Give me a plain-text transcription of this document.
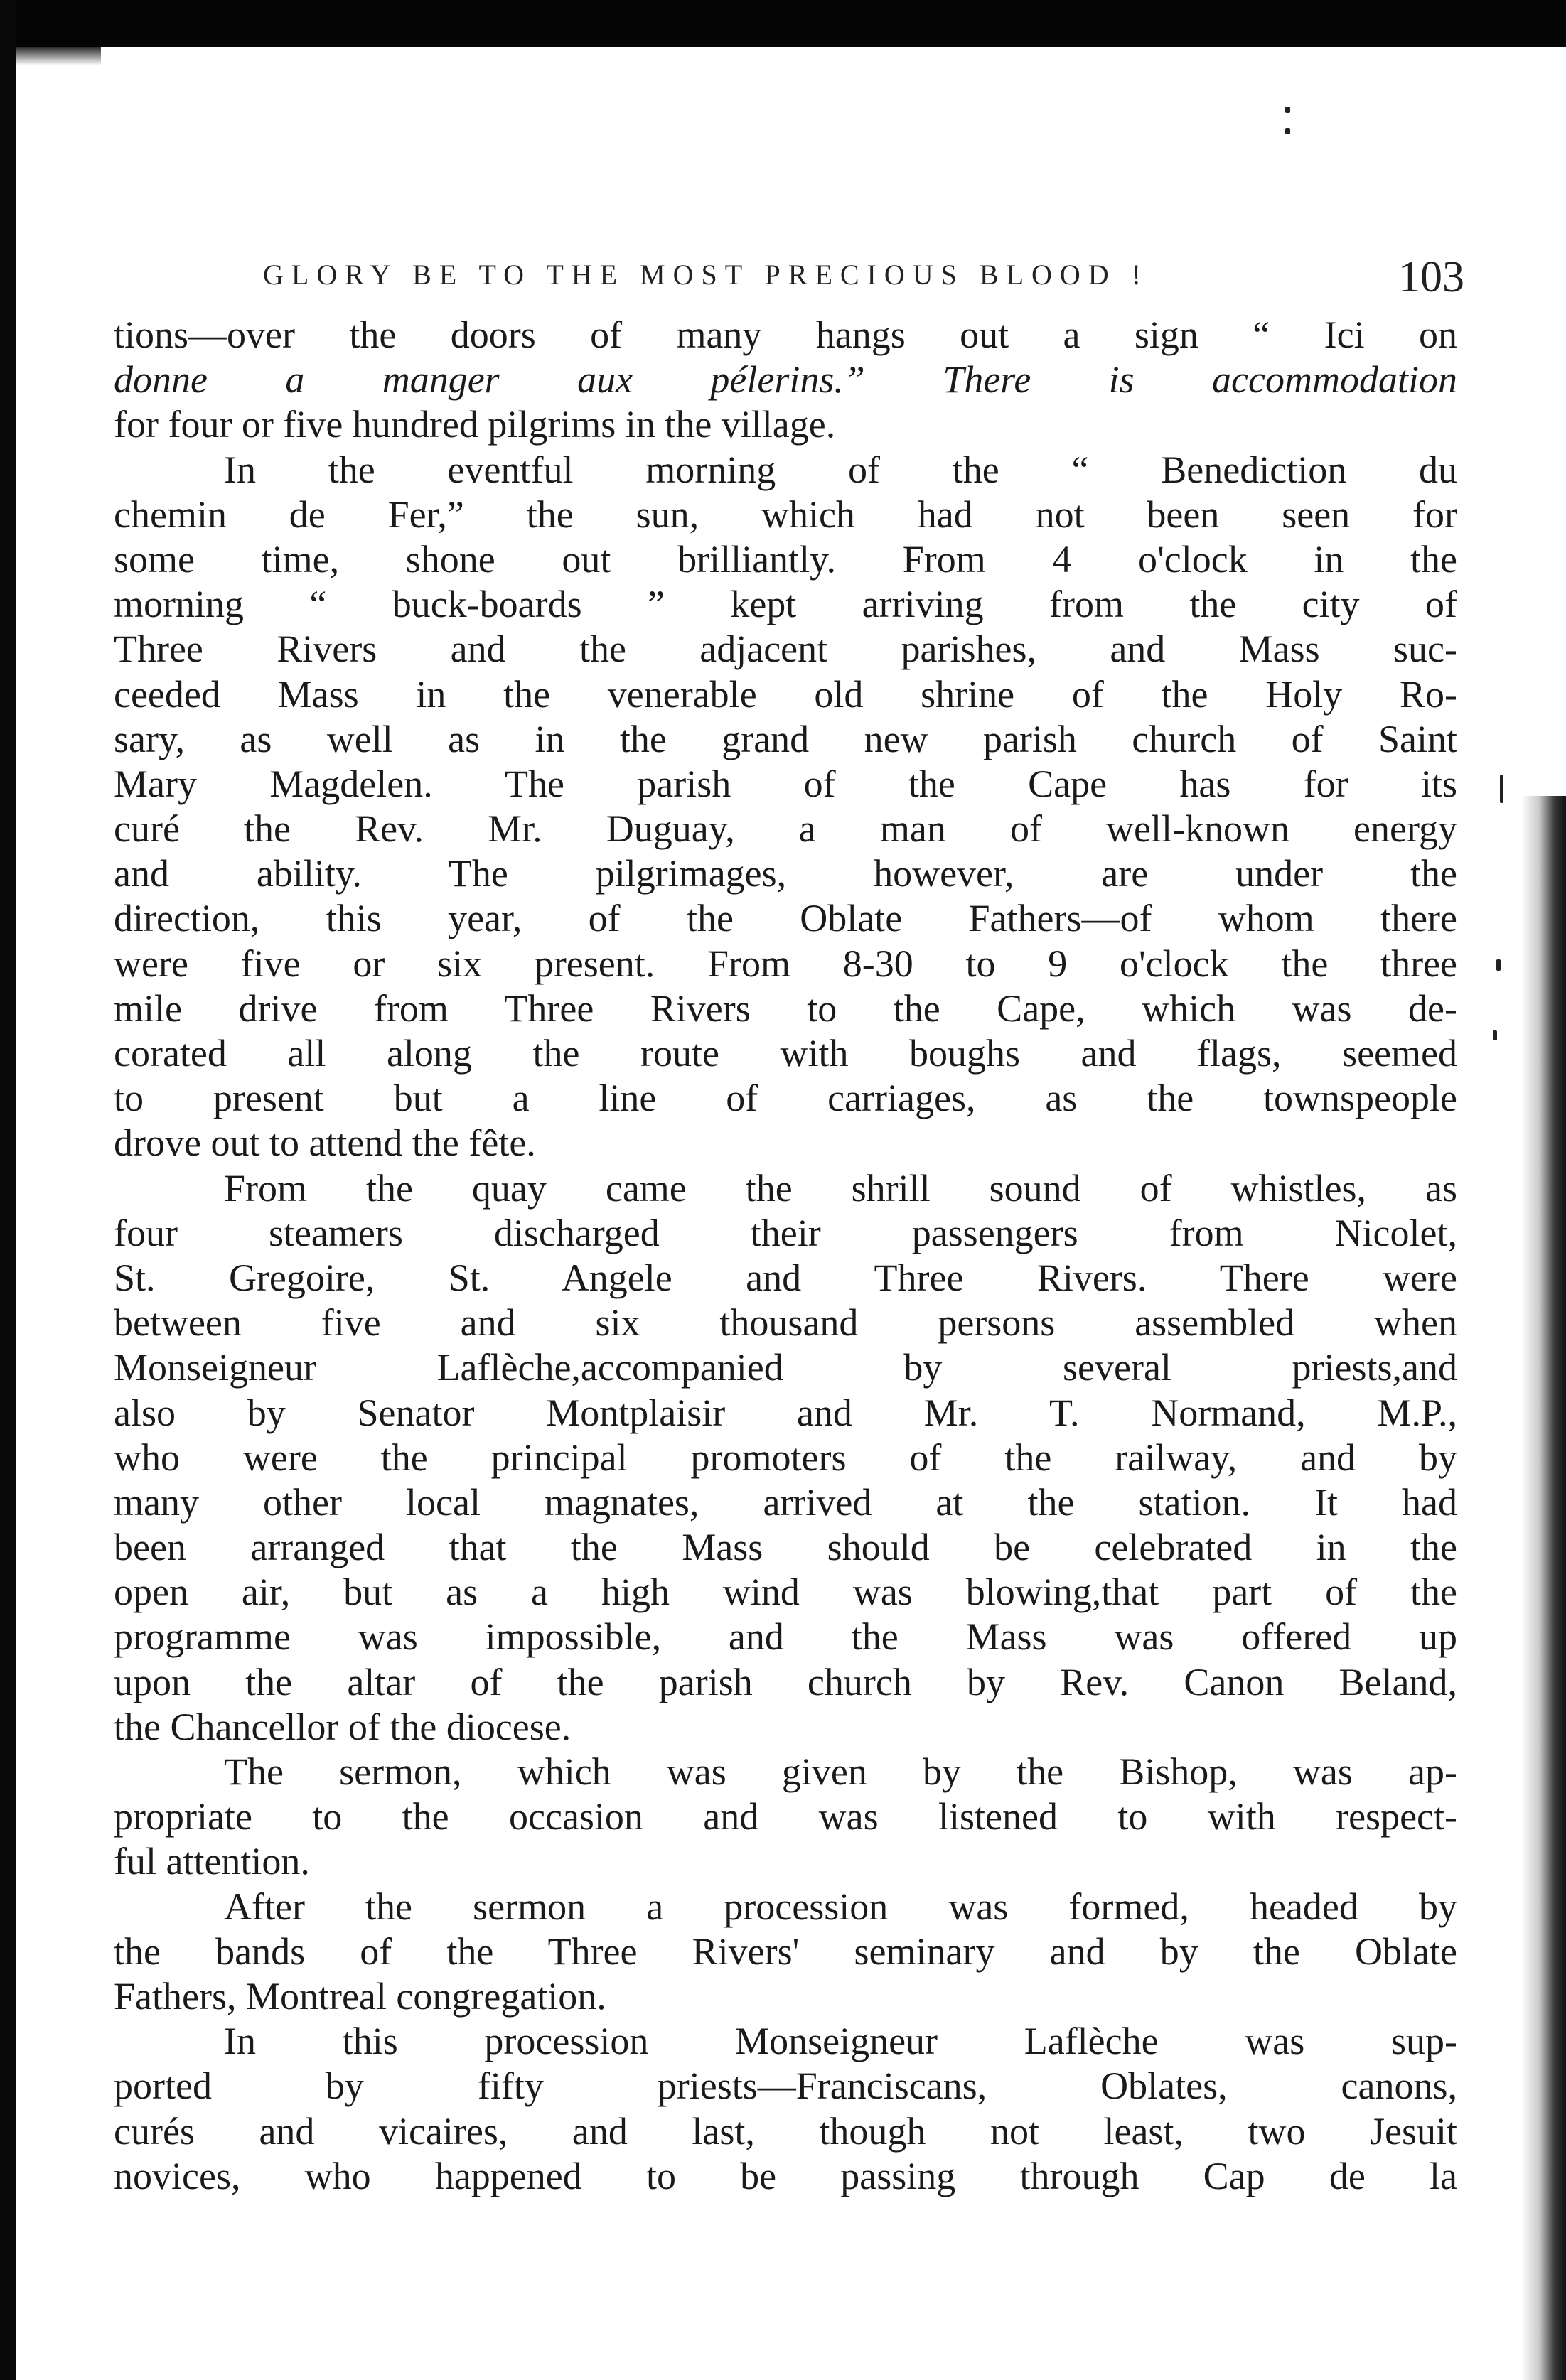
GLORY BE TO THE MOST PRECIOUS BLOOD !	103
tions—over the doors of many hangs out a sign “ Ici on
donne a manger aux pélerins.” There is accommodation
for four or five hundred pilgrims in the village.
In the eventful morning of the “ Benediction du
chemin de Fer,” the sun, which had not been seen for
some time, shone out brilliantly. From 4 o'clock in the
morning “ buck-boards ” kept arriving from the city of
Three Rivers and the adjacent parishes, and Mass suc-
ceeded Mass in the venerable old shrine of the Holy Ro-
sary, as well as in the grand new parish church of Saint
Mary Magdelen. The parish of the Cape has for its
curé the Rev. Mr. Duguay, a man of well-known energy
and ability. The pilgrimages, however, are under the
direction, this year, of the Oblate Fathers—of whom there
were five or six present. From 8-30 to 9 o'clock the three
mile drive from Three Rivers to the Cape, which was de-
corated all along the route with boughs and flags, seemed
to present but a line of carriages, as the townspeople
drove out to attend the fête.
From the quay came the shrill sound of whistles, as
four steamers discharged their passengers from Nicolet,
St. Gregoire, St. Angele and Three Rivers. There were
between five and six thousand persons assembled when
Monseigneur Laflèche,accompanied by several priests,and
also by Senator Montplaisir and Mr. T. Normand, M.P.,
who were the principal promoters of the railway, and by
many other local magnates, arrived at the station. It had
been arranged that the Mass should be celebrated in the
open air, but as a high wind was blowing,that part of the
programme was impossible, and the Mass was offered up
upon the altar of the parish church by Rev. Canon Beland,
the Chancellor of the diocese.
The sermon, which was given by the Bishop, was ap-
propriate to the occasion and was listened to with respect-
ful attention.
After the sermon a procession was formed, headed by
the bands of the Three Rivers' seminary and by the Oblate
Fathers, Montreal congregation.
In this procession Monseigneur Laflèche was sup-
ported by fifty priests—Franciscans, Oblates, canons,
curés and vicaires, and last, though not least, two Jesuit
novices, who happened to be passing through Cap de la
